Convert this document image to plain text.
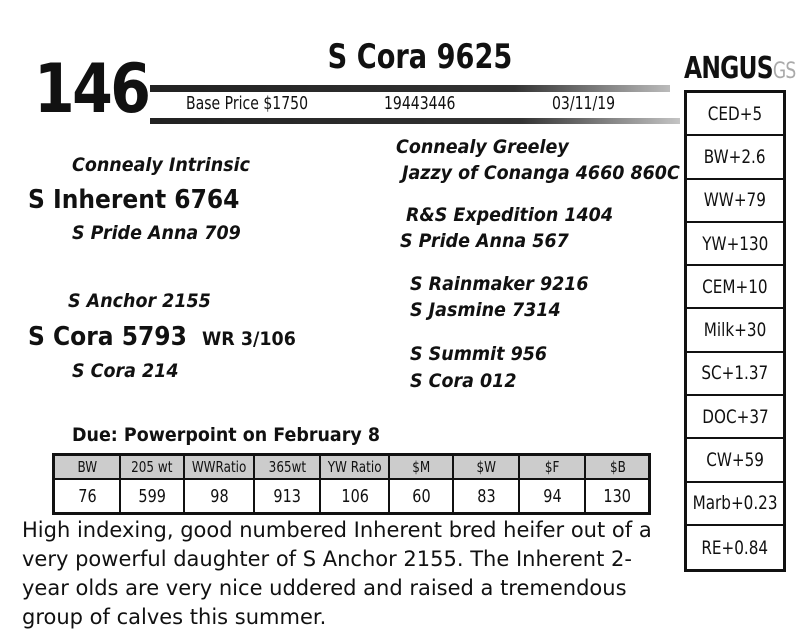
146	S Cora 9625
Base Price $1750	19443446	03/11/19
Connealy Intrinsic
S Inherent 6764
S Pride Anna 709
S Anchor 2155
S Cora 5793 WR 3/106
S Cora 214
Connealy Greeley
Jazzy of Conanga 4660 860C
R&S Expedition 1404
S Pride Anna 567
S Rainmaker 9216
S Jasmine 7314
S Summit 956
S Cora 012
Due: Powerpoint on February 8
BW	205 wt	WWRatio	365wt	YW Ratio	$M	$W	$F	$B
76	599	98	913	106	60	83	94	130
High indexing, good numbered Inherent bred heifer out of a very powerful daughter of S Anchor 2155. The Inherent 2-year olds are very nice uddered and raised a tremendous group of calves this summer.
ANGUSGS
CED+5
BW+2.6
WW+79
YW+130
CEM+10
Milk+30
SC+1.37
DOC+37
CW+59
Marb+0.23
RE+0.84
